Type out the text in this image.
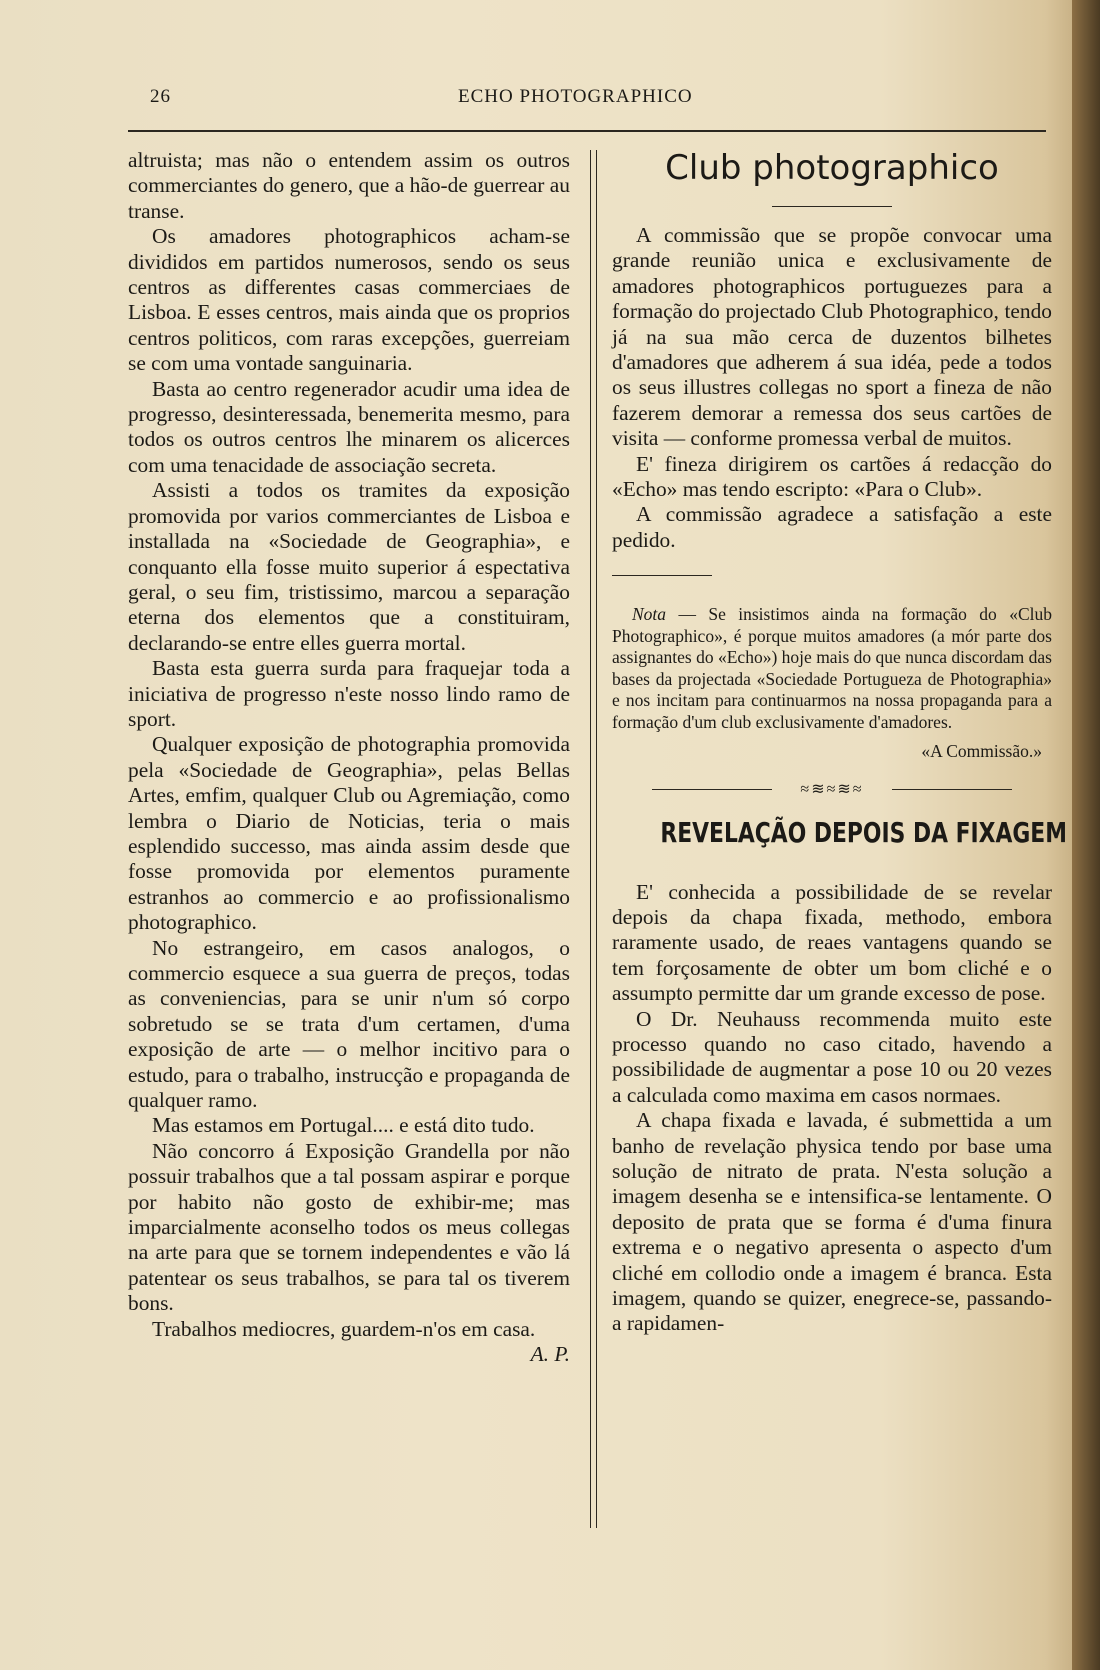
26	ECHO PHOTOGRAPHICO

altruista; mas não o entendem assim os outros commerciantes do genero, que a hão-de guerrear au transe.

Os amadores photographicos acham-se divididos em partidos numerosos, sendo os seus centros as differentes casas commerciaes de Lisboa. E esses centros, mais ainda que os proprios centros politicos, com raras excepções, guerreiam se com uma vontade sanguinaria.

Basta ao centro regenerador acudir uma idea de progresso, desinteressada, benemerita mesmo, para todos os outros centros lhe minarem os alicerces com uma tenacidade de associação secreta.

Assisti a todos os tramites da exposição promovida por varios commerciantes de Lisboa e installada na «Sociedade de Geographia», e conquanto ella fosse muito superior á espectativa geral, o seu fim, tristissimo, marcou a separação eterna dos elementos que a constituiram, declarando-se entre elles guerra mortal.

Basta esta guerra surda para fraquejar toda a iniciativa de progresso n'este nosso lindo ramo de sport.

Qualquer exposição de photographia promovida pela «Sociedade de Geographia», pelas Bellas Artes, emfim, qualquer Club ou Agremiação, como lembra o Diario de Noticias, teria o mais esplendido successo, mas ainda assim desde que fosse promovida por elementos puramente estranhos ao commercio e ao profissionalismo photographico.

No estrangeiro, em casos analogos, o commercio esquece a sua guerra de preços, todas as conveniencias, para se unir n'um só corpo sobretudo se se trata d'um certamen, d'uma exposição de arte — o melhor incitivo para o estudo, para o trabalho, instrucção e propaganda de qualquer ramo.

Mas estamos em Portugal.... e está dito tudo.

Não concorro á Exposição Grandella por não possuir trabalhos que a tal possam aspirar e porque por habito não gosto de exhibir-me; mas imparcialmente aconselho todos os meus collegas na arte para que se tornem independentes e vão lá patentear os seus trabalhos, se para tal os tiverem bons.

Trabalhos mediocres, guardem-n'os em casa.

A. P.

Club photographico

A commissão que se propõe convocar uma grande reunião unica e exclusivamente de amadores photographicos portuguezes para a formação do projectado Club Photographico, tendo já na sua mão cerca de duzentos bilhetes d'amadores que adherem á sua idéa, pede a todos os seus illustres collegas no sport a fineza de não fazerem demorar a remessa dos seus cartões de visita — conforme promessa verbal de muitos.

E' fineza dirigirem os cartões á redacção do «Echo» mas tendo escripto: «Para o Club».

A commissão agradece a satisfação a este pedido.

Nota — Se insistimos ainda na formação do «Club Photographico», é porque muitos amadores (a mór parte dos assignantes do «Echo») hoje mais do que nunca discordam das bases da projectada «Sociedade Portugueza de Photographia» e nos incitam para continuarmos na nossa propaganda para a formação d'um club exclusivamente d'amadores.

«A Commissão.»

≈≋≈≋≈
REVELAÇÃO DEPOIS DA FIXAGEM

E' conhecida a possibilidade de se revelar depois da chapa fixada, methodo, embora raramente usado, de reaes vantagens quando se tem forçosamente de obter um bom cliché e o assumpto permitte dar um grande excesso de pose.

O Dr. Neuhauss recommenda muito este processo quando no caso citado, havendo a possibilidade de augmentar a pose 10 ou 20 vezes a calculada como maxima em casos normaes.

A chapa fixada e lavada, é submettida a um banho de revelação physica tendo por base uma solução de nitrato de prata. N'esta solução a imagem desenha se e intensifica-se lentamente. O deposito de prata que se forma é d'uma finura extrema e o negativo apresenta o aspecto d'um cliché em collodio onde a imagem é branca. Esta imagem, quando se quizer, enegrece-se, passando-a rapidamen-
